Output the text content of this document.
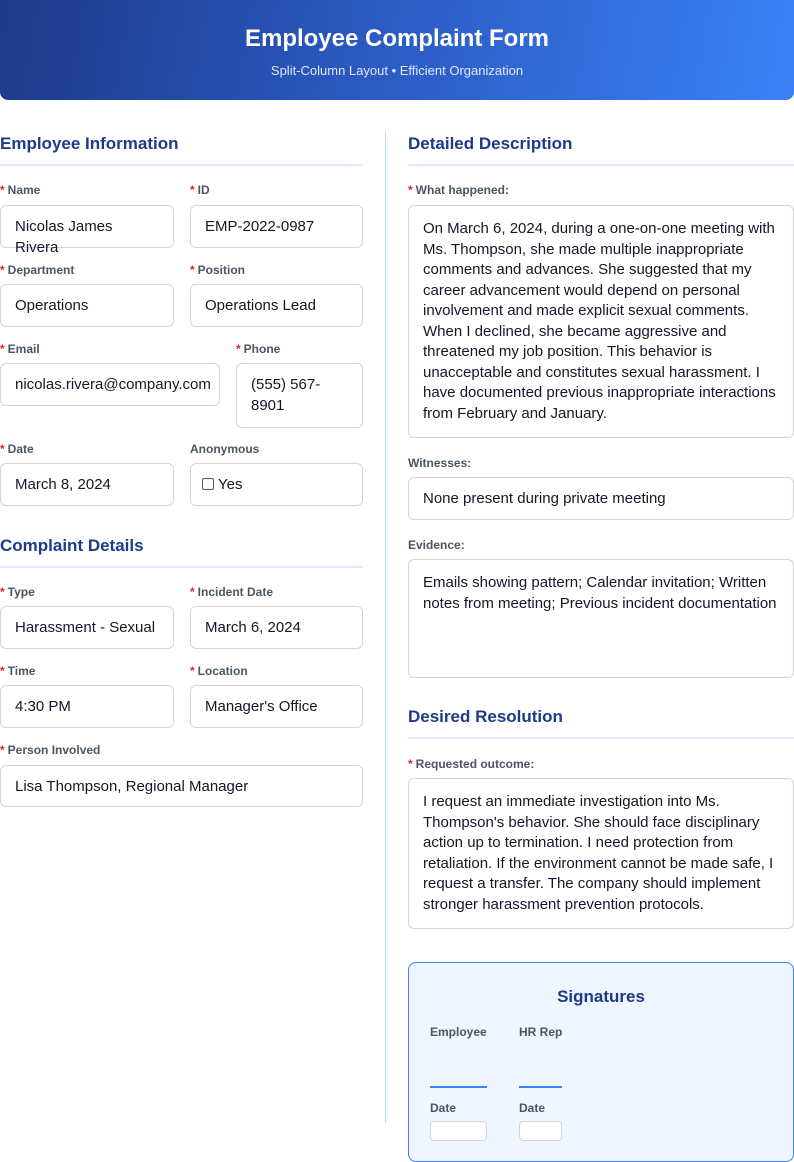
Employee Complaint Form

Split-Column Layout • Efficient Organization

Employee Information
* Name
Nicolas James Rivera
* ID
EMP-2022-0987
* Department
Operations
* Position
Operations Lead
* Email
nicolas.rivera@company.com
* Phone
(555) 567-8901
* Date
March 8, 2024
Anonymous
Yes
Complaint Details
* Type
Harassment - Sexual
* Incident Date
March 6, 2024
* Time
4:30 PM
* Location
Manager's Office
* Person Involved
Lisa Thompson, Regional Manager
Detailed Description
* What happened:
On March 6, 2024, during a one-on-one meeting with Ms. Thompson, she made multiple inappropriate comments and advances. She suggested that my career advancement would depend on personal involvement and made explicit sexual comments. When I declined, she became aggressive and threatened my job position. This behavior is unacceptable and constitutes sexual harassment. I have documented previous inappropriate interactions from February and January.
Witnesses:
None present during private meeting
Evidence:
Emails showing pattern; Calendar invitation; Written notes from meeting; Previous incident documentation
Desired Resolution
* Requested outcome:
I request an immediate investigation into Ms. Thompson's behavior. She should face disciplinary action up to termination. I need protection from retaliation. If the environment cannot be made safe, I request a transfer. The company should implement stronger harassment prevention protocols.
Signatures
Employee	HR Rep
Date	Date
